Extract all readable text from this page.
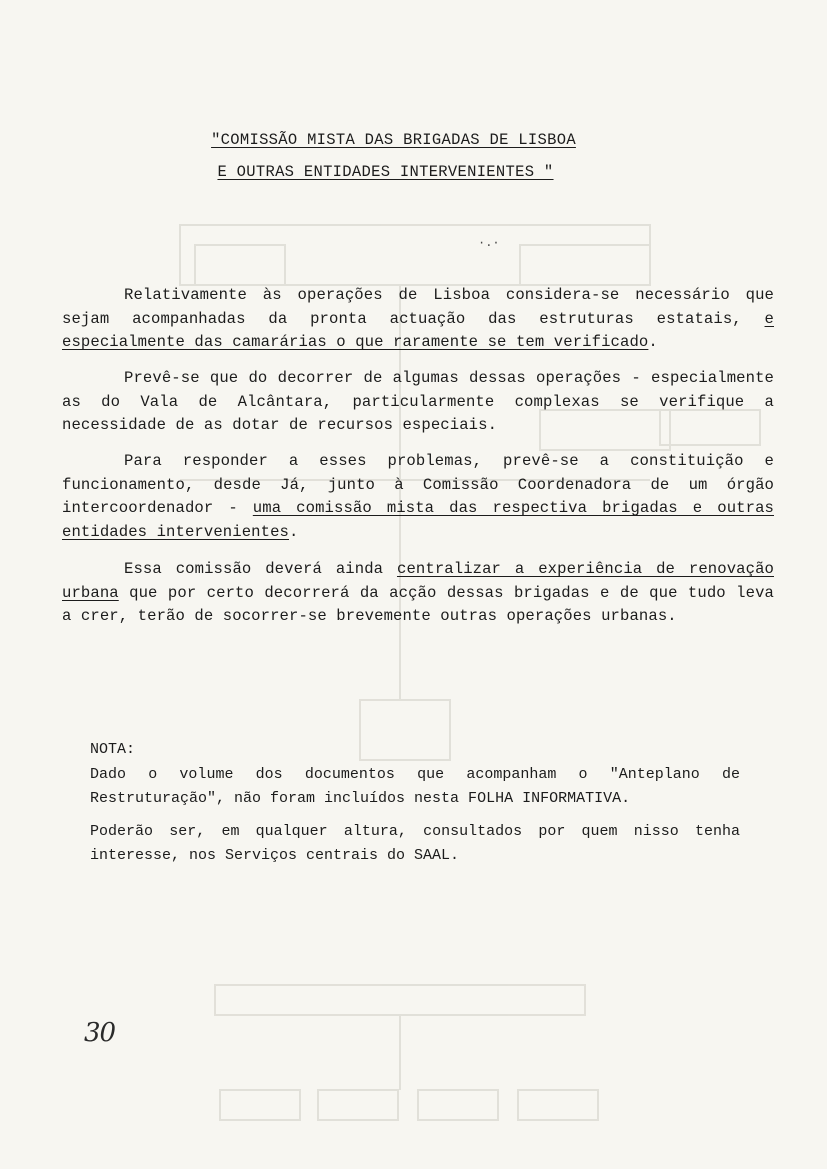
"COMISSÃO MISTA DAS BRIGADAS DE LISBOA
E OUTRAS ENTIDADES INTERVENIENTES "
·.·
Relativamente às operações de Lisboa considera-se necessário que sejam acompanhadas da pronta actuação das estruturas estatais, e especialmente das camarárias o que raramente se tem verificado.
Prevê-se que do decorrer de algumas dessas operações - especialmente as do Vala de Alcântara, particularmente complexas se verifique a necessidade de as dotar de recursos especiais.
Para responder a esses problemas, prevê-se a constituição e funcionamento, desde Já, junto à Comissão Coordenadora de um órgão intercoordenador - uma comissão mista das respectiva brigadas e outras entidades intervenientes.
Essa comissão deverá ainda centralizar a experiência de renovação urbana que por certo decorrerá da acção dessas brigadas e de que tudo leva a crer, terão de socorrer-se brevemente outras operações urbanas.
NOTA:
Dado o volume dos documentos que acompanham o "Anteplano de Restruturação", não foram incluídos nesta FOLHA INFORMATIVA.
Poderão ser, em qualquer altura, consultados por quem nisso tenha interesse, nos Serviços centrais do SAAL.
30
